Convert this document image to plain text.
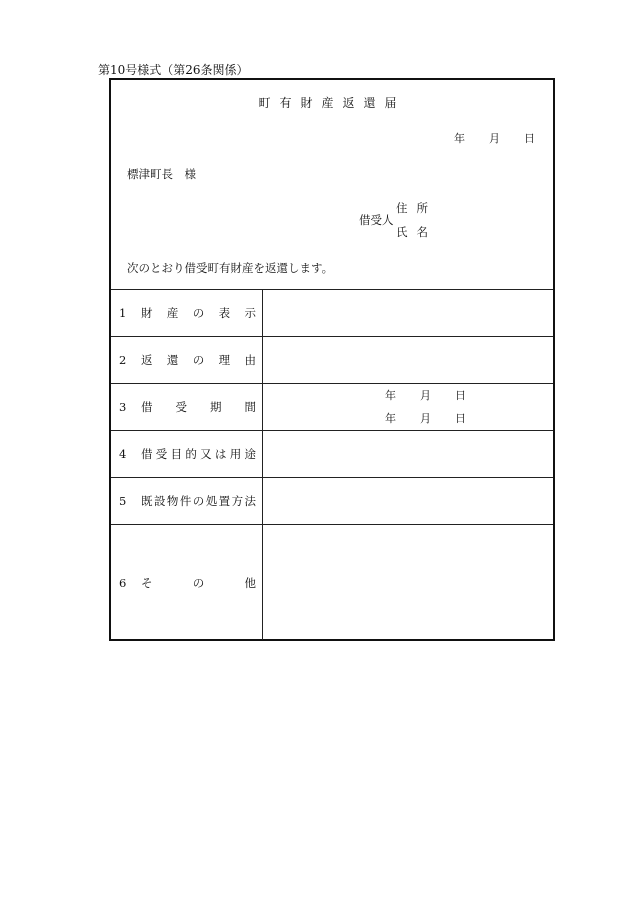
第10号様式（第26条関係）
町有財産返還届
年 月 日
標津町長　様
借受人
住所
氏名
次のとおり借受町有財産を返還します。
1	財 産 の 表 示
2	返 還 の 理 由
3	借 受 期 間
年 月 日
年 月 日
4	借 受 目 的 又 は 用 途
5	既 設 物 件 の 処 置 方 法
6	そ	の	他
